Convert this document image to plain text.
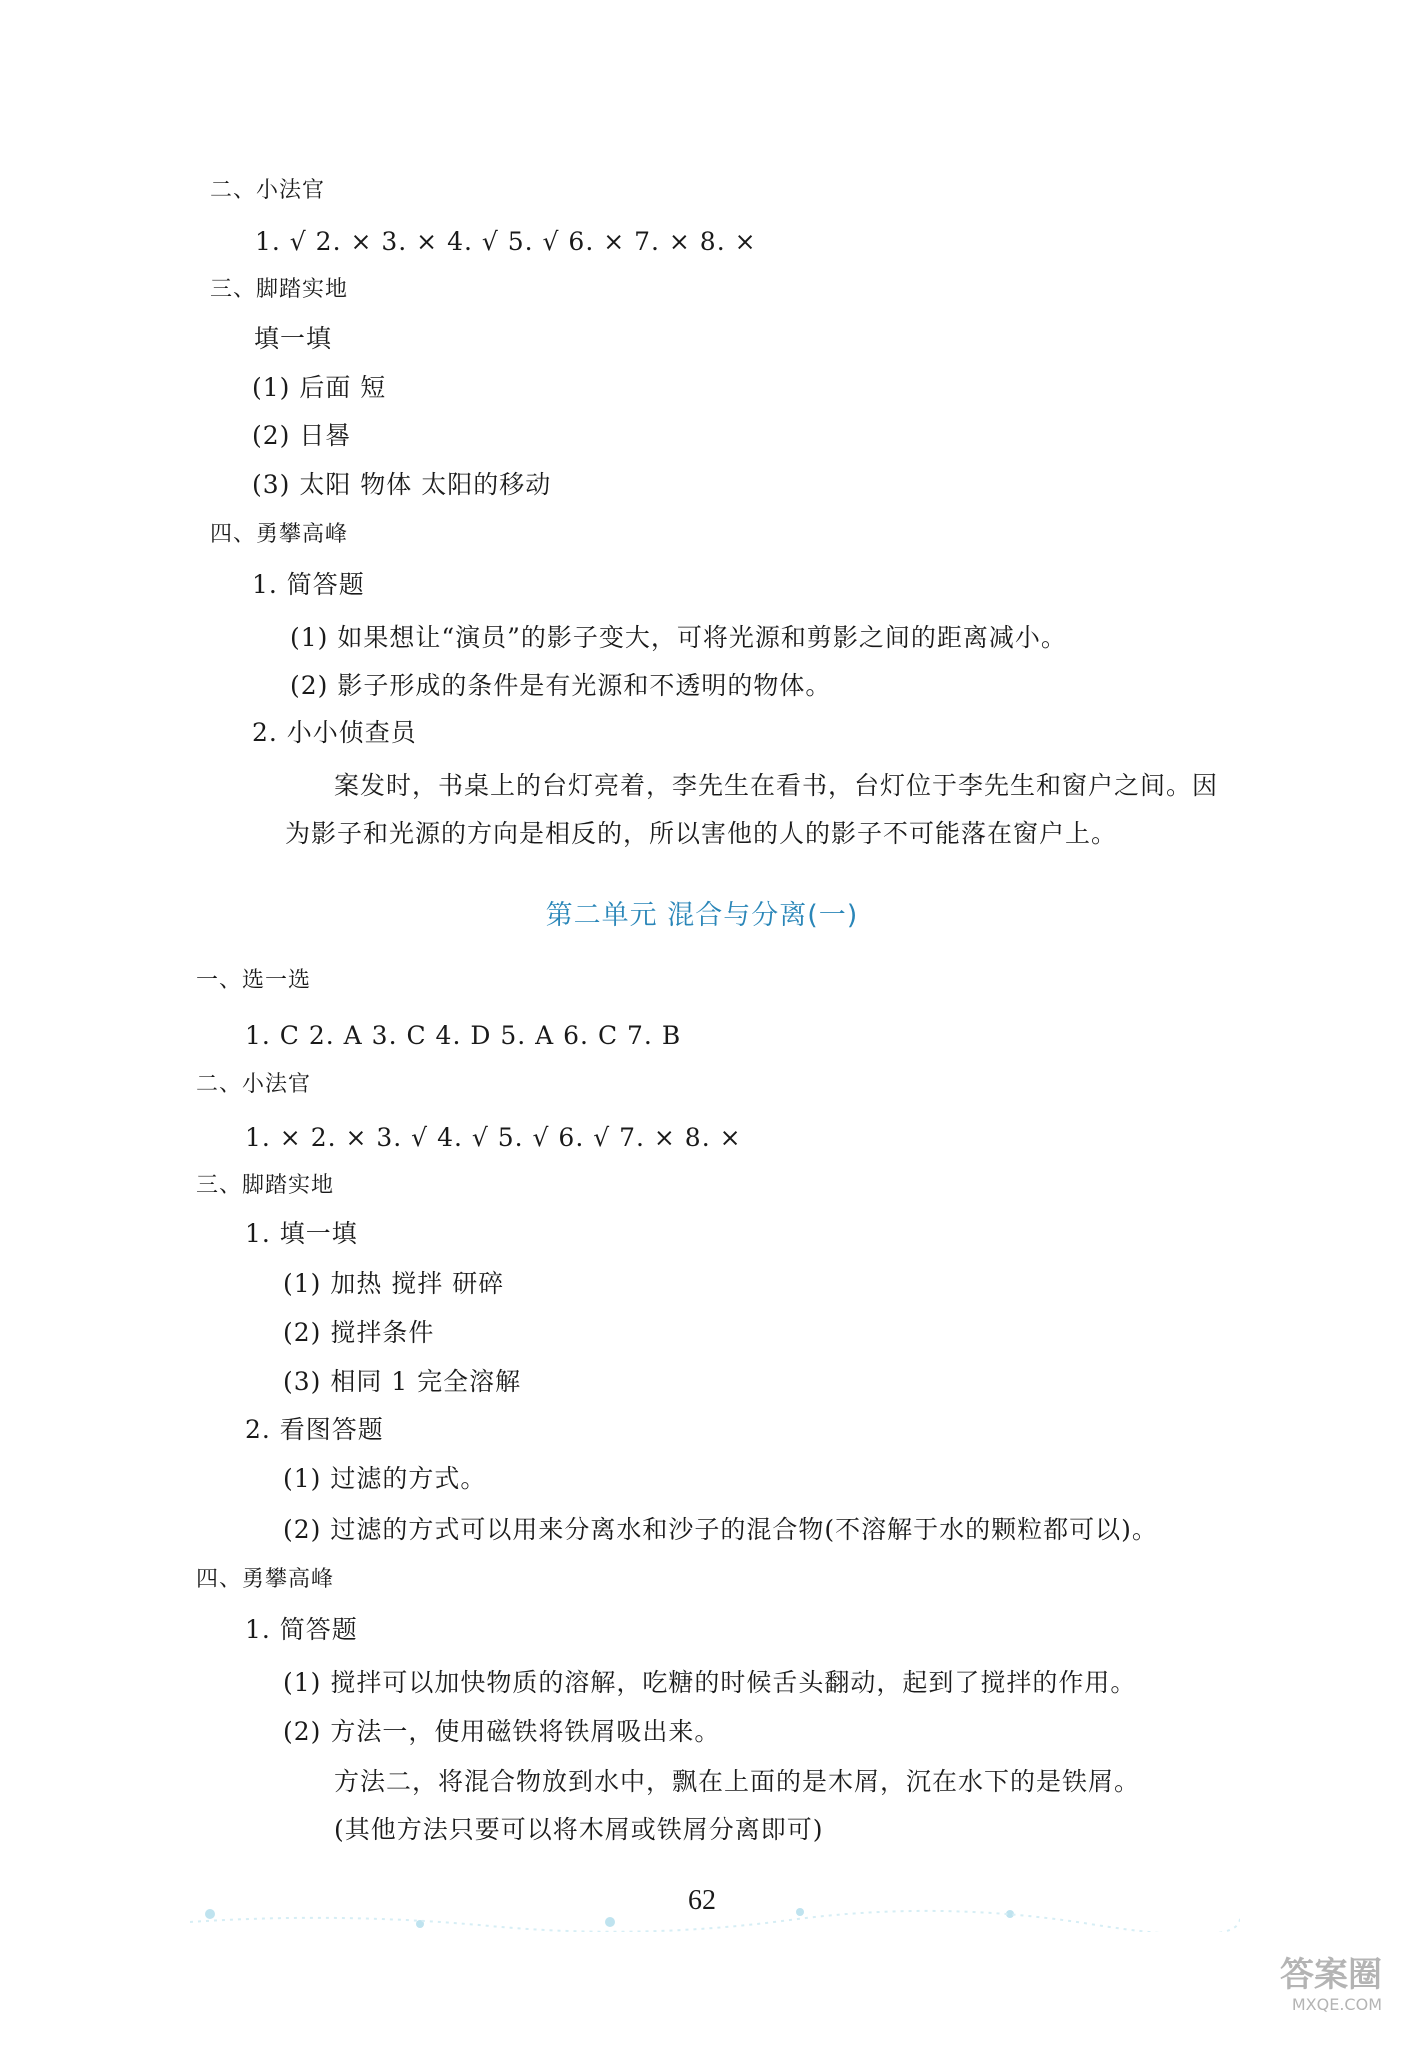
二、小法官
1. √ 2. × 3. × 4. √ 5. √ 6. × 7. × 8. ×
三、脚踏实地
填一填
(1) 后面 短
(2) 日晷
(3) 太阳 物体 太阳的移动
四、勇攀高峰
1. 简答题
(1) 如果想让“演员”的影子变大，可将光源和剪影之间的距离减小。
(2) 影子形成的条件是有光源和不透明的物体。
2. 小小侦查员
案发时，书桌上的台灯亮着，李先生在看书，台灯位于李先生和窗户之间。因
为影子和光源的方向是相反的，所以害他的人的影子不可能落在窗户上。
第二单元 混合与分离(一)
一、选一选
1. C 2. A 3. C 4. D 5. A 6. C 7. B
二、小法官
1. × 2. × 3. √ 4. √ 5. √ 6. √ 7. × 8. ×
三、脚踏实地
1. 填一填
(1) 加热 搅拌 研碎
(2) 搅拌条件
(3) 相同 1 完全溶解
2. 看图答题
(1) 过滤的方式。
(2) 过滤的方式可以用来分离水和沙子的混合物(不溶解于水的颗粒都可以)。
四、勇攀高峰
1. 简答题
(1) 搅拌可以加快物质的溶解，吃糖的时候舌头翻动，起到了搅拌的作用。
(2) 方法一，使用磁铁将铁屑吸出来。
方法二，将混合物放到水中，飘在上面的是木屑，沉在水下的是铁屑。
(其他方法只要可以将木屑或铁屑分离即可)
62
答案圈
MXQE.COM
